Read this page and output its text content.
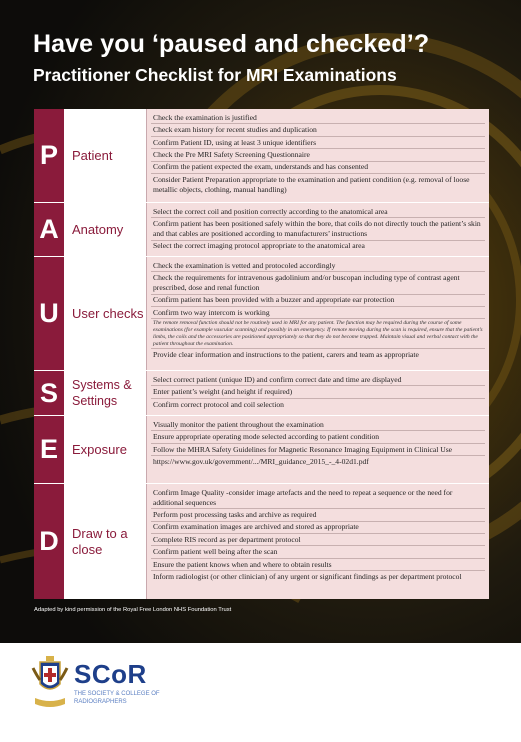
Have you ‘paused and checked’?
Practitioner Checklist for MRI Examinations
P	Patient
Check the examination is justified
Check exam history for recent studies and duplication
Confirm Patient ID, using at least 3 unique identifiers
Check the Pre MRI Safety Screening Questionnaire
Confirm the patient expected the exam, understands and has consented
Consider Patient Preparation appropriate to the examination and patient condition (e.g. removal of loose metallic objects, clothing, manual handling)
A	Anatomy
Select the correct coil and position correctly according to the anatomical area
Confirm patient has been positioned safely within the bore, that coils do not directly touch the patient’s skin and that cables are positioned according to manufacturers’ instructions
Select the correct imaging protocol appropriate to the anatomical area
U	User checks
Check the examination is vetted and protocoled accordingly
Check the requirements for intravenous gadolinium and/or buscopan including type of contrast agent prescribed, dose and renal function
Confirm patient has been provided with a buzzer and appropriate ear protection
Confirm two way intercom is working
The remote removal function should not be routinely used in MRI for any patient. The function may be required during the course of some examinations (for example vascular scanning) and possibly in an emergency. If remote moving during the scan is required, ensure that the patient’s limbs, the coils and the accessories are positioned appropriately so that they do not become trapped. Maintain visual and verbal contact with the patient throughout the examination.
Provide clear information and instructions to the patient, carers and team as appropriate
S	Systems & Settings
Select correct patient (unique ID) and confirm correct date and time are displayed
Enter patient’s weight (and height if required)
Confirm correct protocol and coil selection
E	Exposure
Visually monitor the patient throughout the examination
Ensure appropriate operating mode selected according to patient condition
Follow the MHRA Safety Guidelines for Magnetic Resonance Imaging Equipment in Clinical Use
https://www.gov.uk/government/.../MRI_guidance_2015_-_4-02d1.pdf
D	Draw to a close
Confirm Image Quality -consider image artefacts and the need to repeat a sequence or the need for additional sequences
Perform post processing tasks and archive as required
Confirm examination images are archived and stored as appropriate
Complete RIS record as per department protocol
Confirm patient well being after the scan
Ensure the patient knows when and where to obtain results
Inform radiologist (or other clinician) of any urgent or significant findings as per department protocol
Adapted by kind permission of the Royal Free London NHS Foundation Trust
SCoR
THE SOCIETY & COLLEGE OF RADIOGRAPHERS
